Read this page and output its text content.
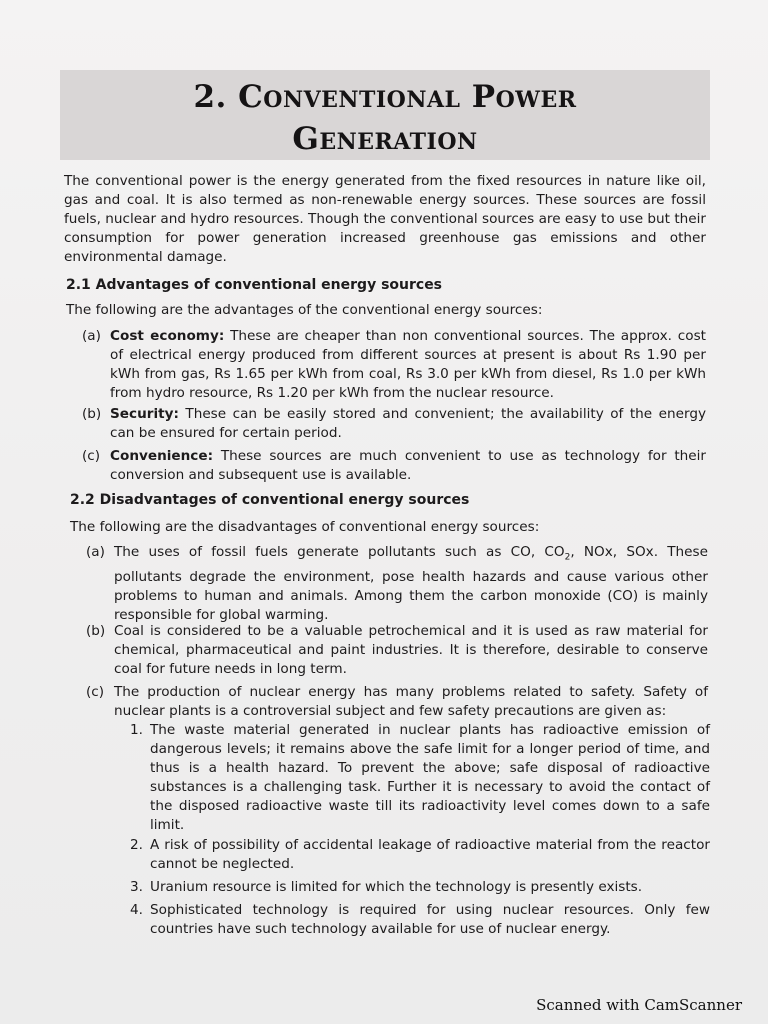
2. Conventional Power
Generation
The conventional power is the energy generated from the fixed resources in nature like oil, gas and coal. It is also termed as non-renewable energy sources. These sources are fossil fuels, nuclear and hydro resources. Though the conventional sources are easy to use but their consumption for power generation increased greenhouse gas emissions and other environmental damage.
2.1 Advantages of conventional energy sources
The following are the advantages of the conventional energy sources:
(a) Cost economy: These are cheaper than non conventional sources. The approx. cost of electrical energy produced from different sources at present is about Rs 1.90 per kWh from gas, Rs 1.65 per kWh from coal, Rs 3.0 per kWh from diesel, Rs 1.0 per kWh from hydro resource, Rs 1.20 per kWh from the nuclear resource.
(b) Security: These can be easily stored and convenient; the availability of the energy can be ensured for certain period.
(c) Convenience: These sources are much convenient to use as technology for their conversion and subsequent use is available.
2.2 Disadvantages of conventional energy sources
The following are the disadvantages of conventional energy sources:
(a) The uses of fossil fuels generate pollutants such as CO, $CO_2$, NOx, SOx. These pollutants degrade the environment, pose health hazards and cause various other problems to human and animals. Among them the carbon monoxide (CO) is mainly responsible for global warming.
(b) Coal is considered to be a valuable petrochemical and it is used as raw material for chemical, pharmaceutical and paint industries. It is therefore, desirable to conserve coal for future needs in long term.
(c) The production of nuclear energy has many problems related to safety. Safety of nuclear plants is a controversial subject and few safety precautions are given as:
1. The waste material generated in nuclear plants has radioactive emission of dangerous levels; it remains above the safe limit for a longer period of time, and thus is a health hazard. To prevent the above; safe disposal of radioactive substances is a challenging task. Further it is necessary to avoid the contact of the disposed radioactive waste till its radioactivity level comes down to a safe limit.
2. A risk of possibility of accidental leakage of radioactive material from the reactor cannot be neglected.
3. Uranium resource is limited for which the technology is presently exists.
4. Sophisticated technology is required for using nuclear resources. Only few countries have such technology available for use of nuclear energy.
Scanned with CamScanner
